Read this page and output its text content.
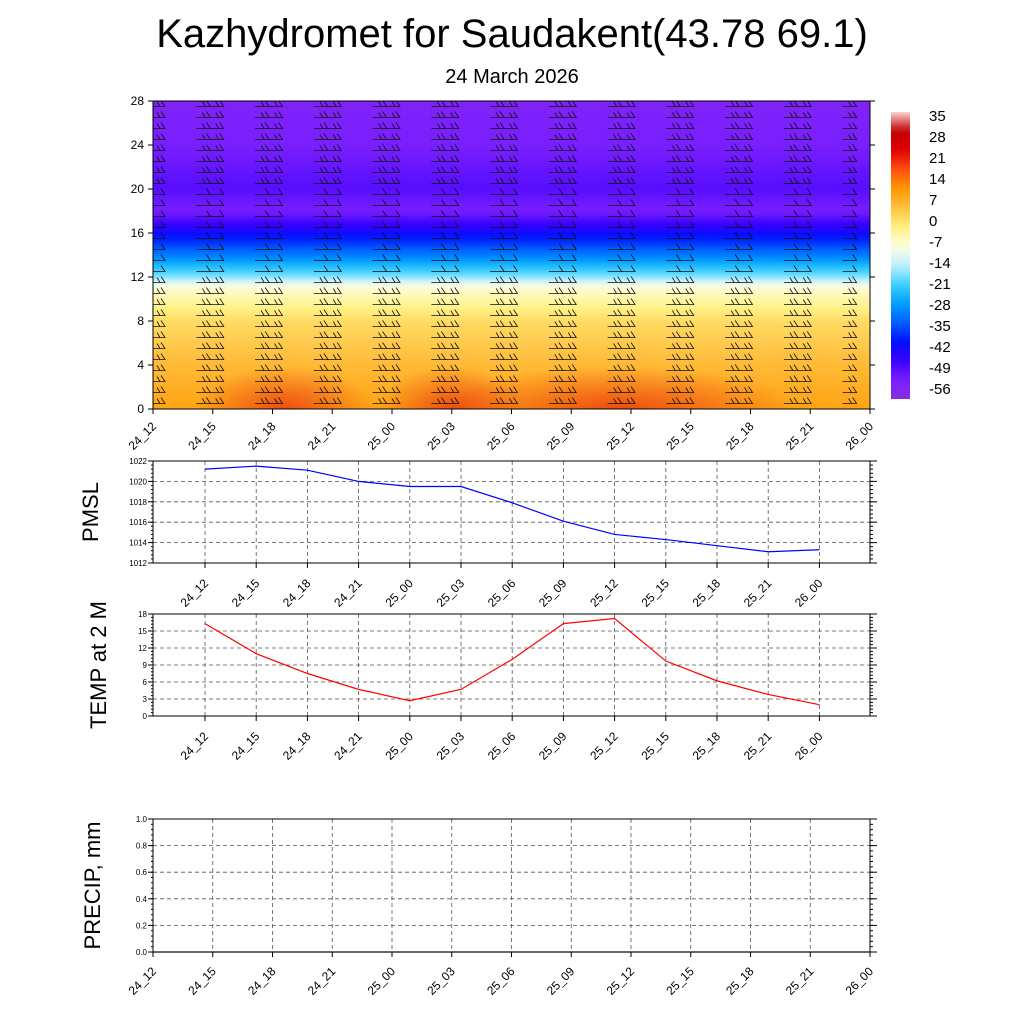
Kazhydromet for Saudakent(43.78 69.1)
24 March 2026
0
4
8
12
16
20
24
28
24_12 24_15 24_18 24_21 25_00 25_03 25_06 25_09 25_12 25_15 25_18 25_21 26_00
35
28
21
14
7
0
-7
-14
-21
-28
-35
-42
-49
-56
1012
1014
1016
1018
1020
1022
24_12 24_15 24_18 24_21 25_00 25_03 25_06 25_09 25_12 25_15 25_18 25_21 26_00
PMSL
0
3
6
9
12
15
18
24_12 24_15 24_18 24_21 25_00 25_03 25_06 25_09 25_12 25_15 25_18 25_21 26_00
TEMP at 2 M
0.0
0.2
0.4
0.6
0.8
1.0
24_12 24_15 24_18 24_21 25_00 25_03 25_06 25_09 25_12 25_15 25_18 25_21 26_00
PRECIP, mm
